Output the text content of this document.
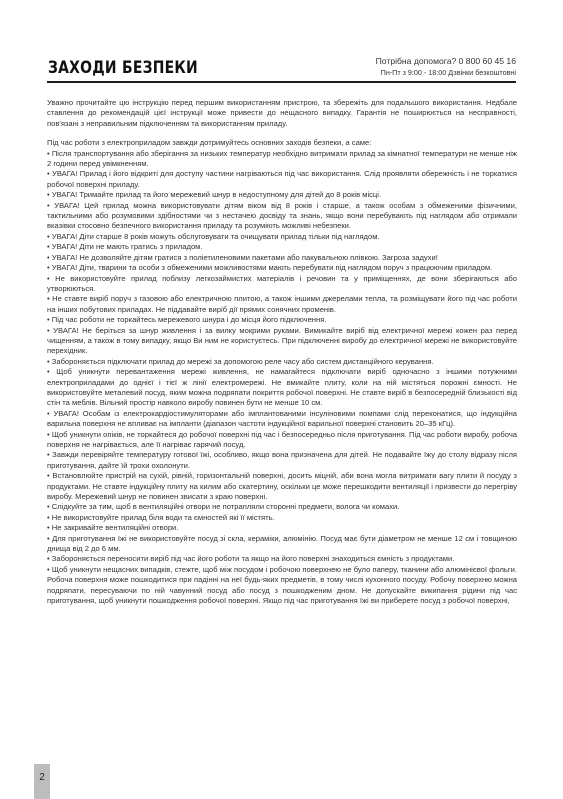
ЗАХОДИ БЕЗПЕКИ	Потрібна допомога? 0 800 60 45 16
Пн-Пт з 9:00 - 18:00 Дзвінки безкоштовні

Уважно прочитайте цю інструкцію перед першим використанням пристрою, та збережіть для подальшого використання. Недбале ставлення до рекомендацій цієї інструкції може привести до нещасного випадку. Гарантія не поширюється на несправності, пов'язані з неправильним підключенням та використанням приладу.

Під час роботи з електроприладом завжди дотримуйтесь основних заходів безпеки, а саме:

• Після транспортування або зберігання за низьких температур необхідно витримати прилад за кімнатної температури не менше ніж 2 години перед увімкненням.

• УВАГА! Прилад і його відкриті для доступу частини нагріваються під час використання. Слід проявляти обережність і не торкатися робочої поверхні приладу.

• УВАГА! Тримайте прилад та його мережевий шнур в недоступному для дітей до 8 років місці.

• УВАГА! Цей прилад можна використовувати дітям віком від 8 років і старше, а також особам з обмеженими фізичними, тактильними або розумовими здібностями чи з нестачею досвіду та знань, якщо вони перебувають під наглядом або отримали вказівки стосовно безпечного використання приладу та розуміють можливі небезпеки.

• УВАГА! Діти старше 8 років можуть обслуговувати та очищувати прилад тільки під наглядом.

• УВАГА! Діти не мають гратись з приладом.

• УВАГА! Не дозволяйте дітям гратися з поліетиленовими пакетами або пакувальною плівкою. Загроза задухи!

• УВАГА! Діти, тварини та особи з обмеженими можливостями мають перебувати під наглядом поруч з працюючим приладом.

• Не використовуйте прилад поблизу легкозаймистих матеріалів і речовин та у приміщеннях, де вони зберігаються або утворюються.

• Не ставте виріб поруч з газовою або електричною плитою, а також іншими джерелами тепла, та розміщувати його під час роботи на інших побутових приладах. Не піддавайте виріб дії прямих сонячних променів.

• Під час роботи не торкайтесь мережевого шнура і до місця його підключення.

• УВАГА! Не беріться за шнур живлення і за вилку мокрими руками. Вимикайте виріб від електричної мережі кожен раз перед чищенням, а також в тому випадку, якщо Ви ним не користуєтесь. При підключенні виробу до електричної мережі не використовуйте перехідник.

• Забороняється підключати прилад до мережі за допомогою реле часу або систем дистанційного керування.

• Щоб уникнути перевантаження мережі живлення, не намагайтеся підключати виріб одночасно з іншими потужними електроприладами до однієї і тієї ж лінії електромережі. Не вмикайте плиту, коли на ній містяться порожні ємності. Не використовуйте металевий посуд, яким можна подряпати покриття робочої поверхні. Не ставте виріб в безпосередній близькості від стін та меблів. Вільний простір навколо виробу повинен бути не менше 10 см.

• УВАГА! Особам із електрокардіостимуляторами або імплантованими інсуліновими помпами слід переконатися, що індукційна варильна поверхня не впливає на імпланти (діапазон частоти індукційної варильної поверхні становить 20–35 кГц).

• Щоб уникнути опіків, не торкайтеся до робочої поверхні під час і безпосередньо після приготування. Під час роботи виробу, робоча поверхня не нагрівається, але її нагріває гарячий посуд.

• Завжди перевіряйте температуру готової їжі, особливо, якщо вона призначена для дітей. Не подавайте їжу до столу відразу після приготування, дайте їй трохи охолонути.

• Встановлюйте пристрій на сухій, рівній, горизонтальній поверхні, досить міцній, аби вона могла витримати вагу плити й посуду з продуктами. Не ставте індукційну плиту на килим або скатертину, оскільки це може перешкодити вентиляції і призвести до перегріву виробу. Мережевий шнур не повинен звисати з краю поверхні.

• Слідкуйте за тим, щоб в вентиляційні отвори не потрапляли сторонні предмети, волога чи комахи.

• Не використовуйте прилад біля води та ємностей які її містять.

• Не закривайте вентиляційні отвори.

• Для приготування їжі не використовуйте посуд зі скла, кераміки, алюмінію. Посуд має бути діаметром не менше 12 см і товщиною днища від 2 до 6 мм.

• Забороняється переносити виріб під час його роботи та якщо на його поверхні знаходиться ємність з продуктами.

• Щоб уникнути нещасних випадків, стежте, щоб між посудом і робочою поверхнею не було паперу, тканини або алюмінієвої фольги. Робоча поверхня може пошкодитися при падінні на неї будь-яких предметів, в тому числі кухонного посуду. Робочу поверхню можна подряпати, пересуваючи по ній чавунний посуд або посуд з пошкодженим дном. Не допускайте википання рідини під час приготування, щоб уникнути пошкодження робочої поверхні. Якщо під час приготування їжі ви приберете посуд з робочої поверхні,

2
